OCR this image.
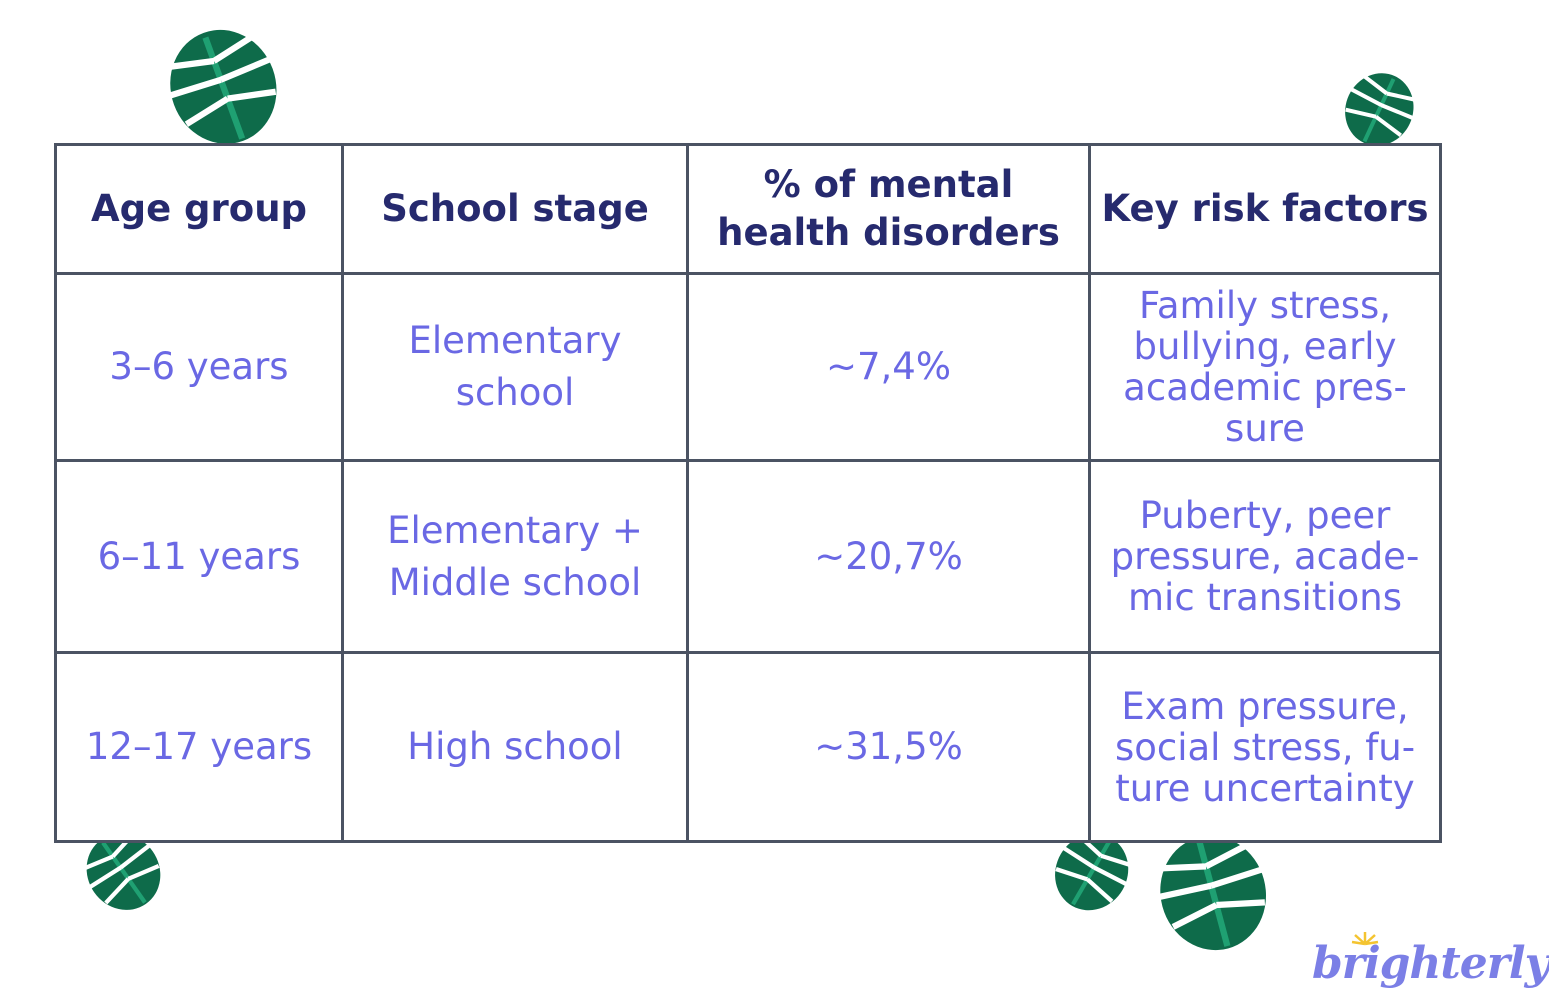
Age group	School stage	% of mental health disorders	Key risk factors
3–6 years	Elementary school	~7,4%	Family stress, bullying, early academic pres-sure
6–11 years	Elementary + Middle school	~20,7%	Puberty, peer pressure, acade-mic transitions
12–17 years	High school	~31,5%	Exam pressure, social stress, fu-ture uncertainty
brighterly
